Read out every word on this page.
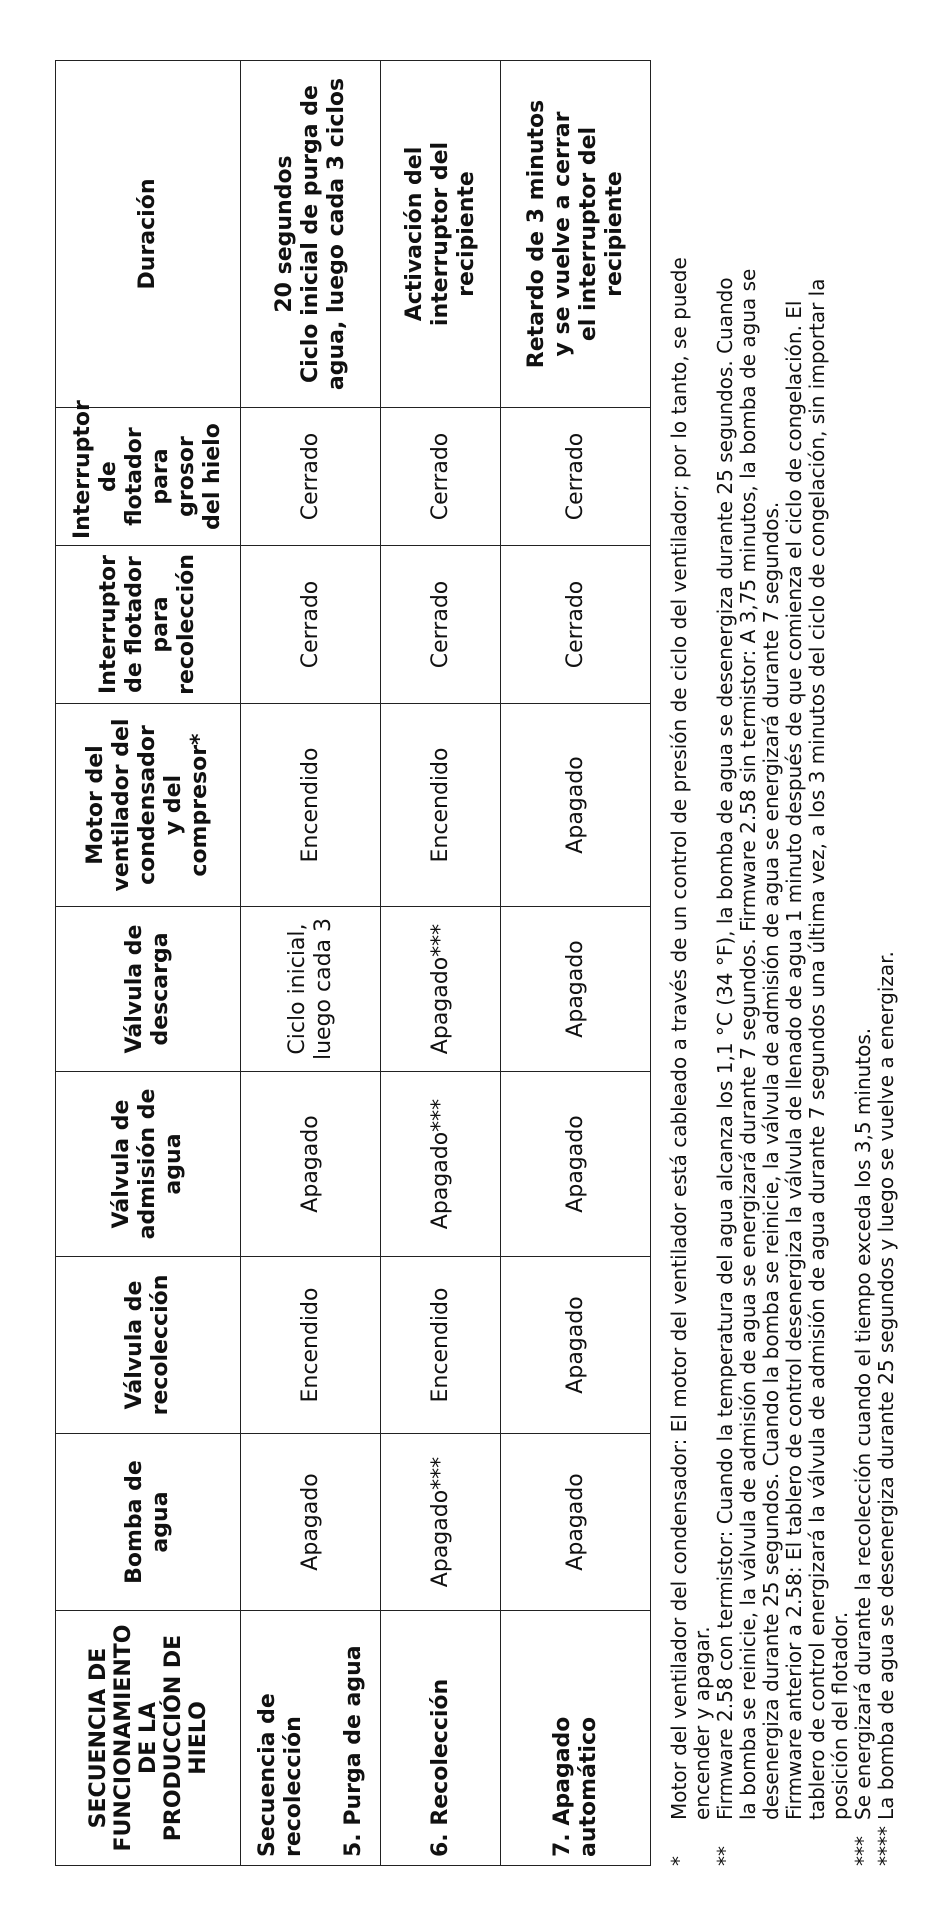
SECUENCIA DE FUNCIONAMIENTO DE LA PRODUCCIÓN DE HIELO	Bomba de agua	Válvula de recolección	Válvula de admisión de agua	Válvula de descarga	Motor del ventilador del condensador y del compresor*	Interruptor de flotador para recolección	Interruptor de flotador para grosor del hielo	Duración

Secuencia de recolección 5. Purga de agua	Apagado	Encendido	Apagado	Ciclo inicial, luego cada 3	Encendido	Cerrado	Cerrado	20 segundos Ciclo inicial de purga de agua, luego cada 3 ciclos

6. Recolección	Apagado***	Encendido	Apagado***	Apagado***	Encendido	Cerrado	Cerrado	Activación del interruptor del recipiente

7. Apagado automático	Apagado	Apagado	Apagado	Apagado	Apagado	Cerrado	Cerrado	Retardo de 3 minutos y se vuelve a cerrar el interruptor del recipiente
*
Motor del ventilador del condensador: El motor del ventilador está cableado a través de un control de presión de ciclo del ventilador; por lo tanto, se puede encender y apagar.
**
Firmware 2.58 con termistor: Cuando la temperatura del agua alcanza los 1,1 °C (34 °F), la bomba de agua se desenergiza durante 25 segundos. Cuando la bomba se reinicie, la válvula de admisión de agua se energizará durante 7 segundos. Firmware 2.58 sin termistor: A 3,75 minutos, la bomba de agua se desenergiza durante 25 segundos. Cuando la bomba se reinicie, la válvula de admisión de agua se energizará durante 7 segundos. Firmware anterior a 2.58: El tablero de control desenergiza la válvula de llenado de agua 1 minuto después de que comienza el ciclo de congelación. El tablero de control energizará la válvula de admisión de agua durante 7 segundos una última vez, a los 3 minutos del ciclo de congelación, sin importar la posición del flotador.
***
Se energizará durante la recolección cuando el tiempo exceda los 3,5 minutos.
****
La bomba de agua se desenergiza durante 25 segundos y luego se vuelve a energizar.
